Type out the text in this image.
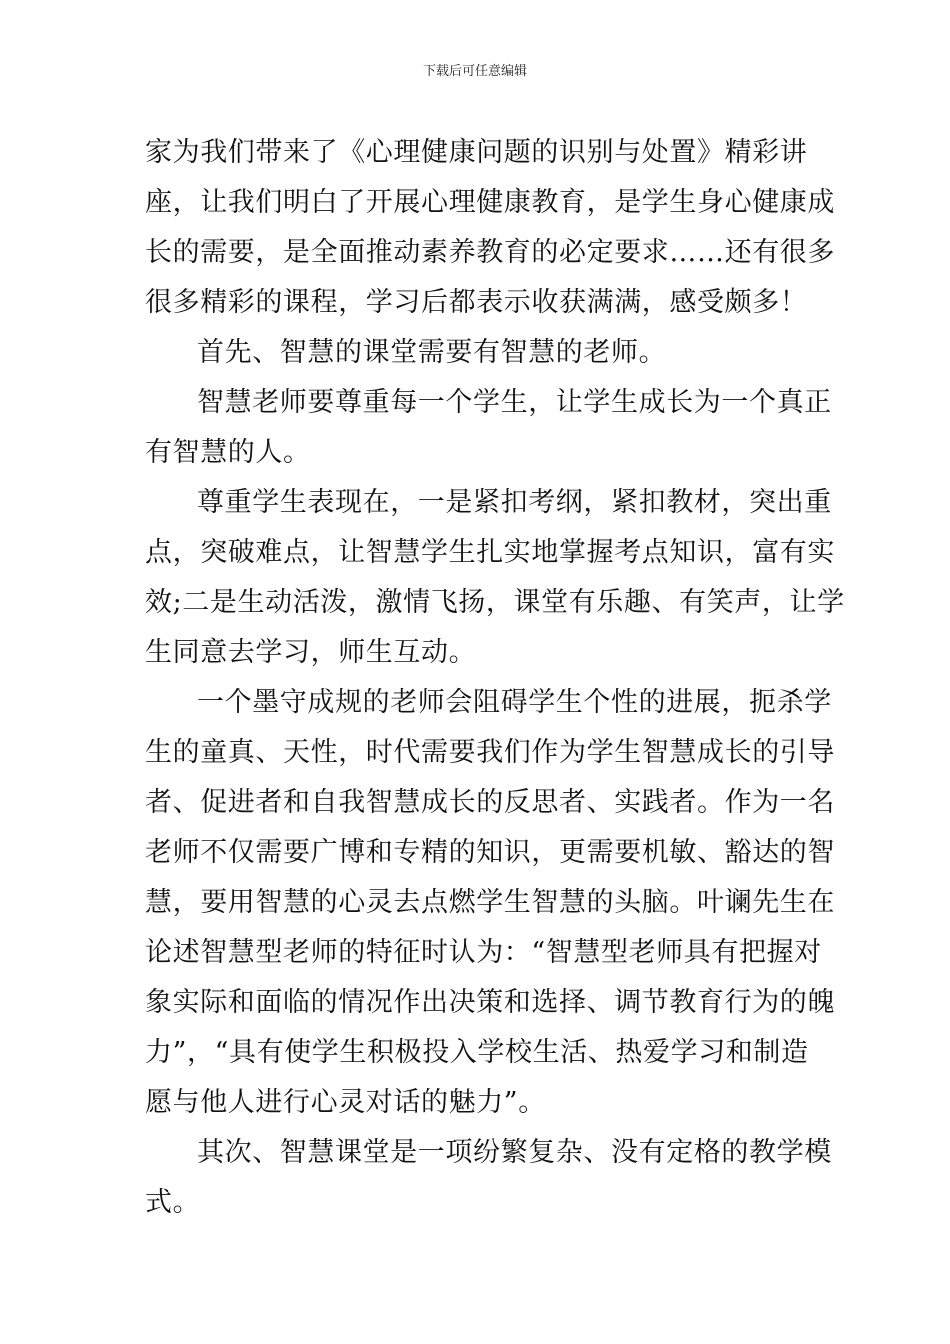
下载后可任意编辑
家为我们带来了《心理健康问题的识别与处置》精彩讲
座，让我们明白了开展心理健康教育，是学生身心健康成
长的需要，是全面推动素养教育的必定要求……还有很多
很多精彩的课程，学习后都表示收获满满，感受颇多！
首先、智慧的课堂需要有智慧的老师。
智慧老师要尊重每一个学生，让学生成长为一个真正
有智慧的人。
尊重学生表现在，一是紧扣考纲，紧扣教材，突出重
点，突破难点，让智慧学生扎实地掌握考点知识，富有实
效;二是生动活泼，激情飞扬，课堂有乐趣、有笑声，让学
生同意去学习，师生互动。
一个墨守成规的老师会阻碍学生个性的进展，扼杀学
生的童真、天性，时代需要我们作为学生智慧成长的引导
者、促进者和自我智慧成长的反思者、实践者。作为一名
老师不仅需要广博和专精的知识，更需要机敏、豁达的智
慧，要用智慧的心灵去点燃学生智慧的头脑。叶谰先生在
论述智慧型老师的特征时认为：“智慧型老师具有把握对
象实际和面临的情况作出决策和选择、调节教育行为的魄
力”，“具有使学生积极投入学校生活、热爱学习和制造
愿与他人进行心灵对话的魅力”。
其次、智慧课堂是一项纷繁复杂、没有定格的教学模
式。
